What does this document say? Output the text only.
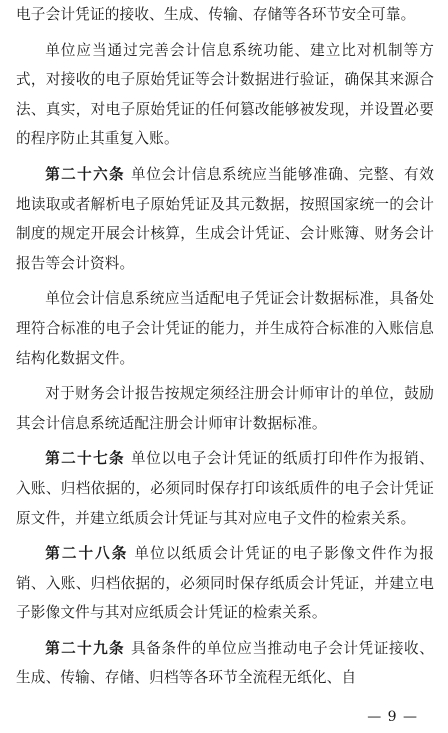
电子会计凭证的接收、生成、传输、存储等各环节安全可靠。

单位应当通过完善会计信息系统功能、建立比对机制等方式，对接收的电子原始凭证等会计数据进行验证，确保其来源合法、真实，对电子原始凭证的任何篡改能够被发现，并设置必要的程序防止其重复入账。

第二十六条 单位会计信息系统应当能够准确、完整、有效地读取或者解析电子原始凭证及其元数据，按照国家统一的会计制度的规定开展会计核算，生成会计凭证、会计账簿、财务会计报告等会计资料。

单位会计信息系统应当适配电子凭证会计数据标准，具备处理符合标准的电子会计凭证的能力，并生成符合标准的入账信息结构化数据文件。

对于财务会计报告按规定须经注册会计师审计的单位，鼓励其会计信息系统适配注册会计师审计数据标准。

第二十七条 单位以电子会计凭证的纸质打印件作为报销、入账、归档依据的，必须同时保存打印该纸质件的电子会计凭证原文件，并建立纸质会计凭证与其对应电子文件的检索关系。

第二十八条 单位以纸质会计凭证的电子影像文件作为报销、入账、归档依据的，必须同时保存纸质会计凭证，并建立电子影像文件与其对应纸质会计凭证的检索关系。

第二十九条 具备条件的单位应当推动电子会计凭证接收、生成、传输、存储、归档等各环节全流程无纸化、自

— 9 —
